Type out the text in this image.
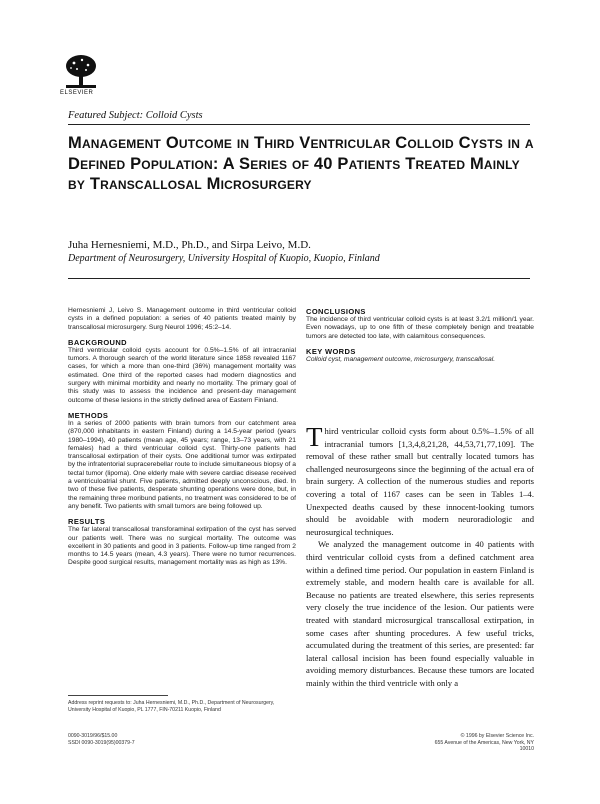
ELSEVIER
Featured Subject: Colloid Cysts
Management Outcome in Third Ventricular Colloid Cysts in a Defined Population: A Series of 40 Patients Treated Mainly by Transcallosal Microsurgery
Juha Hernesniemi, M.D., Ph.D., and Sirpa Leivo, M.D.
Department of Neurosurgery, University Hospital of Kuopio, Kuopio, Finland

Hernesniemi J, Leivo S. Management outcome in third ventricular colloid cysts in a defined population: a series of 40 patients treated mainly by transcallosal microsurgery. Surg Neurol 1996; 45:2–14.

BACKGROUND

Third ventricular colloid cysts account for 0.5%–1.5% of all intracranial tumors. A thorough search of the world literature since 1858 revealed 1167 cases, for which a more than one-third (36%) management mortality was estimated. One third of the reported cases had modern diagnostics and surgery with minimal morbidity and nearly no mortality. The primary goal of this study was to assess the incidence and present-day management outcome of these lesions in the strictly defined area of Eastern Finland.

METHODS

In a series of 2000 patients with brain tumors from our catchment area (870,000 inhabitants in eastern Finland) during a 14.5-year period (years 1980–1994), 40 patients (mean age, 45 years; range, 13–73 years, with 21 females) had a third ventricular colloid cyst. Thirty-one patients had transcallosal extirpation of their cysts. One additional tumor was extirpated by the infratentorial supracerebellar route to include simultaneous biopsy of a tectal tumor (lipoma). One elderly male with severe cardiac disease received a ventriculoatrial shunt. Five patients, admitted deeply unconscious, died. In two of these five patients, desperate shunting operations were done, but, in the remaining three moribund patients, no treatment was considered to be of any benefit. Two patients with small tumors are being followed up.

RESULTS

The far lateral transcallosal transforaminal extirpation of the cyst has served our patients well. There was no surgical mortality. The outcome was excellent in 30 patients and good in 3 patients. Follow-up time ranged from 2 months to 14.5 years (mean, 4.3 years). There were no tumor recurrences. Despite good surgical results, management mortality was as high as 13%.

CONCLUSIONS

The incidence of third ventricular colloid cysts is at least 3.2/1 million/1 year. Even nowadays, up to one fifth of these completely benign and treatable tumors are detected too late, with calamitous consequences.

KEY WORDS

Colloid cyst, management outcome, microsurgery, transcallosal.

Third ventricular colloid cysts form about 0.5%–1.5% of all intracranial tumors [1,3,4,8,21,28, 44,53,71,77,109]. The removal of these rather small but centrally located tumors has challenged neurosurgeons since the beginning of the actual era of brain surgery. A collection of the numerous studies and reports covering a total of 1167 cases can be seen in Tables 1–4. Unexpected deaths caused by these innocent-looking tumors should be avoidable with modern neuroradiologic and neurosurgical techniques.

We analyzed the management outcome in 40 patients with third ventricular colloid cysts from a defined catchment area within a defined time period. Our population in eastern Finland is extremely stable, and modern health care is available for all. Because no patients are treated elsewhere, this series represents very closely the true incidence of the lesion. Our patients were treated with standard microsurgical transcallosal extirpation, in some cases after shunting procedures. A few useful tricks, accumulated during the treatment of this series, are presented: far lateral callosal incision has been found especially valuable in avoiding memory disturbances. Because these tumors are located mainly within the third ventricle with only a

Address reprint requests to: Juha Hernesniemi, M.D., Ph.D., Department of Neurosurgery, University Hospital of Kuopio, PL 1777, FIN-70211 Kuopio, Finland
0090-3019/96/$15.00
SSDI 0090-3019(95)00379-7
© 1996 by Elsevier Science Inc.
655 Avenue of the Americas, New York, NY 10010
